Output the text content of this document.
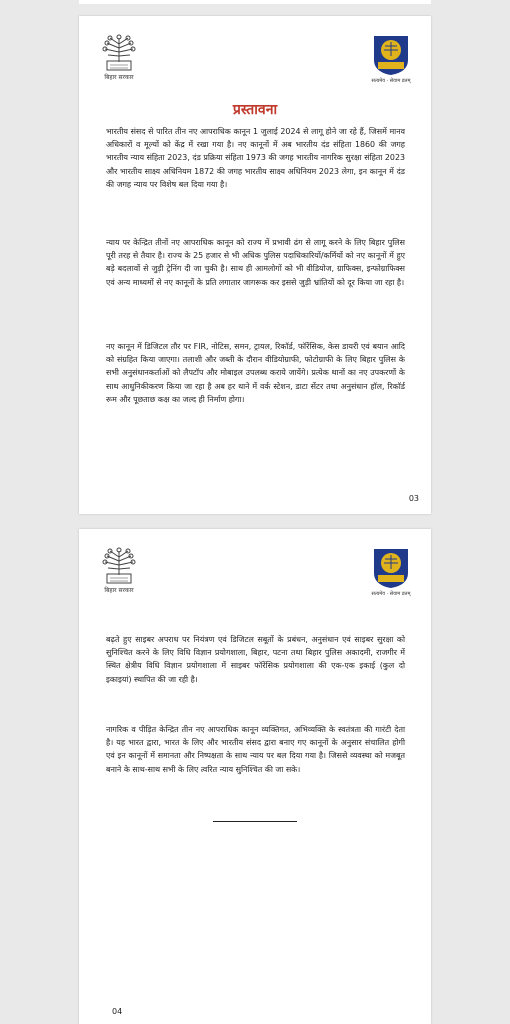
बिहार सरकार	सत्यमेव · सेवाम व्रतम्
प्रस्तावना
भारतीय संसद से पारित तीन नए आपराधिक कानून 1 जुलाई 2024 से लागू होने जा रहे हैं, जिसमें मानव अधिकारों व मूल्यों को केंद्र में रखा गया है। नए कानूनों में अब भारतीय दंड संहिता 1860 की जगह भारतीय न्याय संहिता 2023, दंड प्रक्रिया संहिता 1973 की जगह भारतीय नागरिक सुरक्षा संहिता 2023 और भारतीय साक्ष्य अधिनियम 1872 की जगह भारतीय साक्ष्य अधिनियम 2023 लेगा, इन कानून में दंड की जगह न्याय पर विशेष बल दिया गया है।
न्याय पर केन्द्रित तीनों नए आपराधिक कानून को राज्य में प्रभावी ढंग से लागू करने के लिए बिहार पुलिस पूरी तरह से तैयार है। राज्य के 25 हजार से भी अधिक पुलिस पदाधिकारियों/कर्मियों को नए कानूनों में हुए बड़े बदलावों से जुड़ी ट्रेनिंग दी जा चुकी है। साथ ही आमलोगों को भी वीडियोज, ग्राफिक्स, इन्फोग्राफिक्स एवं अन्य माध्यमों से नए कानूनों के प्रति लगातार जागरूक कर इससे जुड़ी भ्रांतियों को दूर किया जा रहा है।
नए कानून में डिजिटल तौर पर FIR, नोटिस, समन, ट्रायल, रिकॉर्ड, फॉरेंसिक, केस डायरी एवं बयान आदि को संग्रहित किया जाएगा। तलाशी और जब्ती के दौरान वीडियोग्राफी, फोटोग्राफी के लिए बिहार पुलिस के सभी अनुसंधानकर्ताओं को लैपटॉप और मोबाइल उपलब्ध कराये जायेंगे। प्रत्येक थानों का नए उपकरणों के साथ आधुनिकीकरण किया जा रहा है अब हर थाने में वर्क स्टेशन, डाटा सेंटर तथा अनुसंधान हॉल, रिकॉर्ड रूम और पूछताछ कक्ष का जल्द ही निर्माण होगा।
03
बिहार सरकार	सत्यमेव · सेवाम व्रतम्
बढ़ते हुए साइबर अपराध पर नियंत्रण एवं डिजिटल सबूतों के प्रबंधन, अनुसंधान एवं साइबर सुरक्षा को सुनिश्चित करने के लिए विधि विज्ञान प्रयोगशाला, बिहार, पटना तथा बिहार पुलिस अकादमी, राजगीर में स्थित क्षेत्रीय विधि विज्ञान प्रयोगशाला में साइबर फॉरेंसिक प्रयोगशाला की एक-एक इकाई (कुल दो इकाइयां) स्थापित की जा रही है।
नागरिक व पीड़ित केन्द्रित तीन नए आपराधिक कानून व्यक्तिगत, अभिव्यक्ति के स्वतंत्रता की गारंटी देता है। यह भारत द्वारा, भारत के लिए और भारतीय संसद द्वारा बनाए गए कानूनों के अनुसार संचालित होगी एवं इन कानूनों में समानता और निष्पक्षता के साथ न्याय पर बल दिया गया है। जिससे व्यवस्था को मजबूत बनाने के साथ-साथ सभी के लिए त्वरित न्याय सुनिश्चित की जा सके।
04
